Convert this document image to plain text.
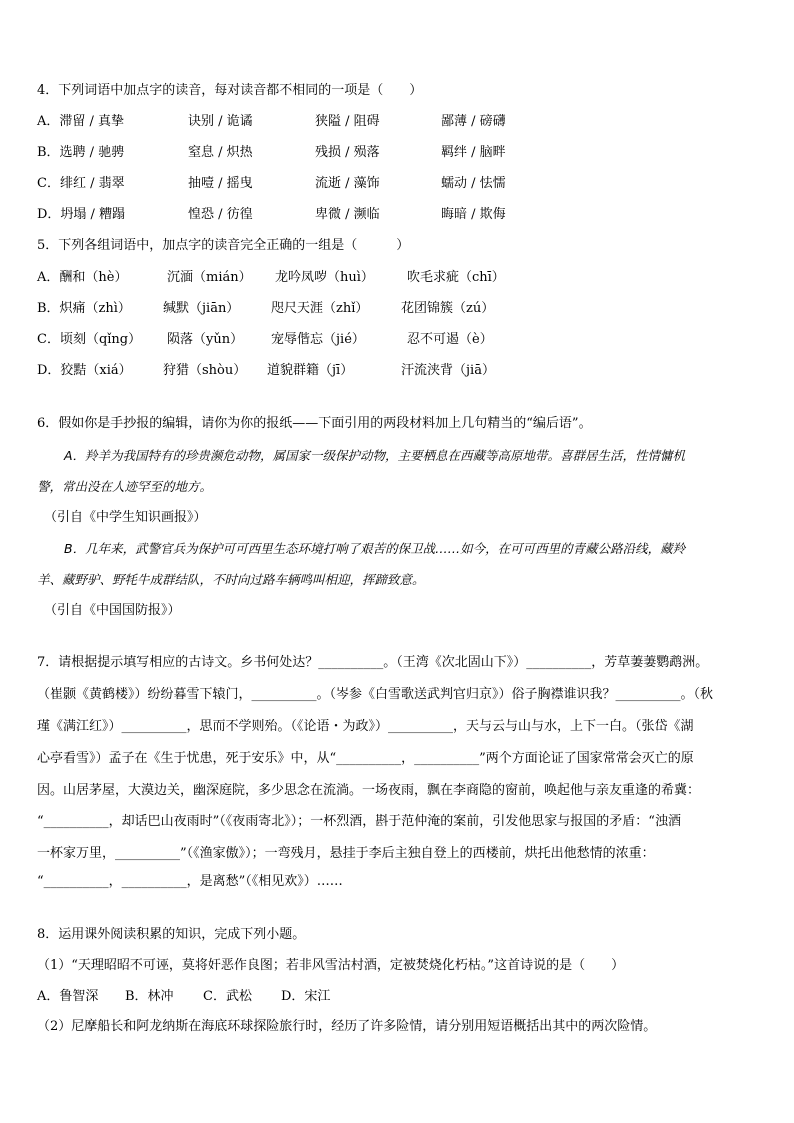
4．下列词语中加点字的读音，每对读音都不相同的一项是（　　）
A．滞留 / 真挚	诀别 / 诡谲	狭隘 / 阻碍	鄙薄 / 磅礴
B．选聘 / 驰骋	窒息 / 炽热	残损 / 殒落	羁绊 / 脑畔
C．绯红 / 翡翠	抽噎 / 摇曳	流逝 / 藻饰	蠕动 / 怯懦
D．坍塌 / 糟蹋	惶恐 / 彷徨	卑微 / 濒临	晦暗 / 欺侮
5．下列各组词语中，加点字的读音完全正确的一组是（　　　）
A．酬和（hè）	沉湎（mián） 龙吟凤哕（huì）	吹毛求疵（chī）
B．炽痛（zhì） 缄默（jiān） 咫尺天涯（zhǐ）	花团锦簇（zú）
C．顷刻（qǐng） 陨落（yǔn） 宠辱偕忘（jié）	忍不可遏（è）
D．狡黠（xiá） 狩猎（shòu） 道貌群籍（jī）	汗流浃背（jiā）
6．假如你是手抄报的编辑，请你为你的报纸——下面引用的两段材料加上几句精当的“编后语”。
A．羚羊为我国特有的珍贵濒危动物，属国家一级保护动物，主要栖息在西藏等高原地带。喜群居生活，性情慵机
警，常出没在人迹罕至的地方。
（引自《中学生知识画报》）
B．几年来，武警官兵为保护可可西里生态环境打响了艰苦的保卫战……如今，在可可西里的青藏公路沿线，藏羚
羊、藏野驴、野牦牛成群结队，不时向过路车辆鸣叫相迎，挥蹄致意。
（引自《中国国防报》）
7．请根据提示填写相应的古诗文。乡书何处达？__________。（王湾《次北固山下》）__________，芳草萋萋鹦鹉洲。
（崔颢《黄鹤楼》）纷纷暮雪下辕门，__________。（岑参《白雪歌送武判官归京》）俗子胸襟谁识我？__________。（秋
瑾《满江红》）__________，思而不学则殆。（《论语・为政》）__________，天与云与山与水，上下一白。（张岱《湖
心亭看雪》）孟子在《生于忧患，死于安乐》中，从“__________，__________”两个方面论证了国家常常会灭亡的原
因。山居茅屋，大漠边关，幽深庭院，多少思念在流淌。一场夜雨，飘在李商隐的窗前，唤起他与亲友重逢的希冀：
“__________，却话巴山夜雨时”（《夜雨寄北》）；一杯烈酒，斟于范仲淹的案前，引发他思家与报国的矛盾：“浊酒
一杯家万里，__________”（《渔家傲》）；一弯残月，悬挂于李后主独自登上的西楼前，烘托出他愁情的浓重：
“__________，__________，是离愁”（《相见欢》）……
8．运用课外阅读积累的知识，完成下列小题。
（1）“天理昭昭不可诬，莫将奸恶作良图；若非风雪沽村酒，定被焚烧化朽枯。”这首诗说的是（　　）
A．鲁智深 B．林冲 C．武松 D．宋江
（2）尼摩船长和阿龙纳斯在海底环球探险旅行时，经历了许多险情，请分别用短语概括出其中的两次险情。
